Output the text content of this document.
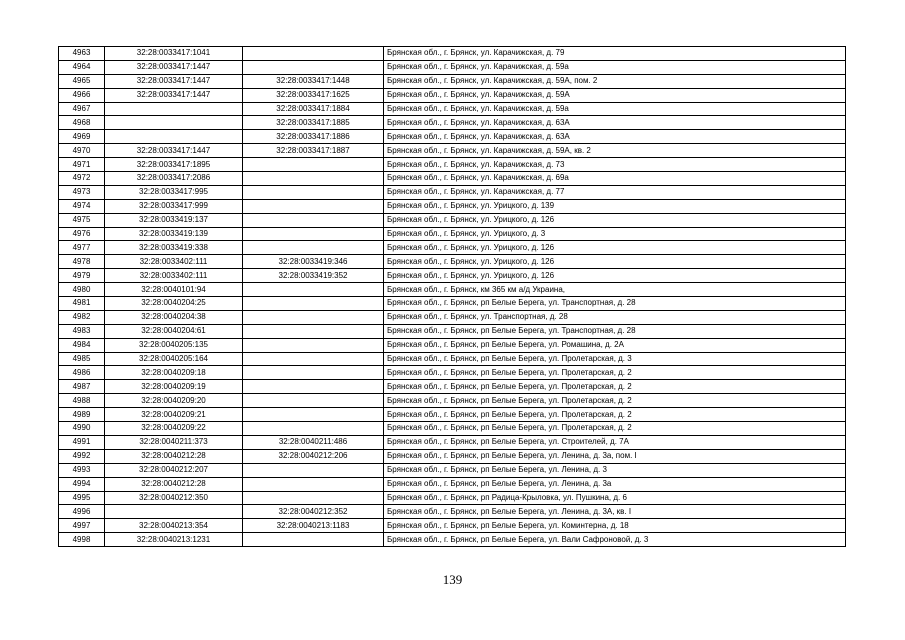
4963	32:28:0033417:1041		Брянская обл., г. Брянск, ул. Карачижская, д. 79
4964	32:28:0033417:1447		Брянская обл., г. Брянск, ул. Карачижская, д. 59а
4965	32:28:0033417:1447	32:28:0033417:1448	Брянская обл., г. Брянск, ул. Карачижская, д. 59А, пом. 2
4966	32:28:0033417:1447	32:28:0033417:1625	Брянская обл., г. Брянск, ул. Карачижская, д. 59А
4967		32:28:0033417:1884	Брянская обл., г. Брянск, ул. Карачижская, д. 59а
4968		32:28:0033417:1885	Брянская обл., г. Брянск, ул. Карачижская, д. 63А
4969		32:28:0033417:1886	Брянская обл., г. Брянск, ул. Карачижская, д. 63А
4970	32:28:0033417:1447	32:28:0033417:1887	Брянская обл., г. Брянск, ул. Карачижская, д. 59А, кв. 2
4971	32:28:0033417:1895		Брянская обл., г. Брянск, ул. Карачижская, д. 73
4972	32:28:0033417:2086		Брянская обл., г. Брянск, ул. Карачижская, д. 69а
4973	32:28:0033417:995		Брянская обл., г. Брянск, ул. Карачижская, д. 77
4974	32:28:0033417:999		Брянская обл., г. Брянск, ул. Урицкого, д. 139
4975	32:28:0033419:137		Брянская обл., г. Брянск, ул. Урицкого, д. 126
4976	32:28:0033419:139		Брянская обл., г. Брянск, ул. Урицкого, д. 3
4977	32:28:0033419:338		Брянская обл., г. Брянск, ул. Урицкого, д. 126
4978	32:28:0033402:111	32:28:0033419:346	Брянская обл., г. Брянск, ул. Урицкого, д. 126
4979	32:28:0033402:111	32:28:0033419:352	Брянская обл., г. Брянск, ул. Урицкого, д. 126
4980	32:28:0040101:94		Брянская обл., г. Брянск, км 365 км а/д Украина,
4981	32:28:0040204:25		Брянская обл., г. Брянск, рп Белые Берега, ул. Транспортная, д. 28
4982	32:28:0040204:38		Брянская обл., г. Брянск, ул. Транспортная, д. 28
4983	32:28:0040204:61		Брянская обл., г. Брянск, рп Белые Берега, ул. Транспортная, д. 28
4984	32:28:0040205:135		Брянская обл., г. Брянск, рп Белые Берега, ул. Ромашина, д. 2А
4985	32:28:0040205:164		Брянская обл., г. Брянск, рп Белые Берега, ул. Пролетарская, д. 3
4986	32:28:0040209:18		Брянская обл., г. Брянск, рп Белые Берега, ул. Пролетарская, д. 2
4987	32:28:0040209:19		Брянская обл., г. Брянск, рп Белые Берега, ул. Пролетарская, д. 2
4988	32:28:0040209:20		Брянская обл., г. Брянск, рп Белые Берега, ул. Пролетарская, д. 2
4989	32:28:0040209:21		Брянская обл., г. Брянск, рп Белые Берега, ул. Пролетарская, д. 2
4990	32:28:0040209:22		Брянская обл., г. Брянск, рп Белые Берега, ул. Пролетарская, д. 2
4991	32:28:0040211:373	32:28:0040211:486	Брянская обл., г. Брянск, рп Белые Берега, ул. Строителей, д. 7А
4992	32:28:0040212:28	32:28:0040212:206	Брянская обл., г. Брянск, рп Белые Берега, ул. Ленина, д. 3а, пом. I
4993	32:28:0040212:207		Брянская обл., г. Брянск, рп Белые Берега, ул. Ленина, д. 3
4994	32:28:0040212:28		Брянская обл., г. Брянск, рп Белые Берега, ул. Ленина, д. 3а
4995	32:28:0040212:350		Брянская обл., г. Брянск, рп Радица-Крыловка, ул. Пушкина, д. 6
4996		32:28:0040212:352	Брянская обл., г. Брянск, рп Белые Берега, ул. Ленина, д. 3А, кв. I
4997	32:28:0040213:354	32:28:0040213:1183	Брянская обл., г. Брянск, рп Белые Берега, ул. Коминтерна, д. 18
4998	32:28:0040213:1231		Брянская обл., г. Брянск, рп Белые Берега, ул. Вали Сафроновой, д. 3
139
